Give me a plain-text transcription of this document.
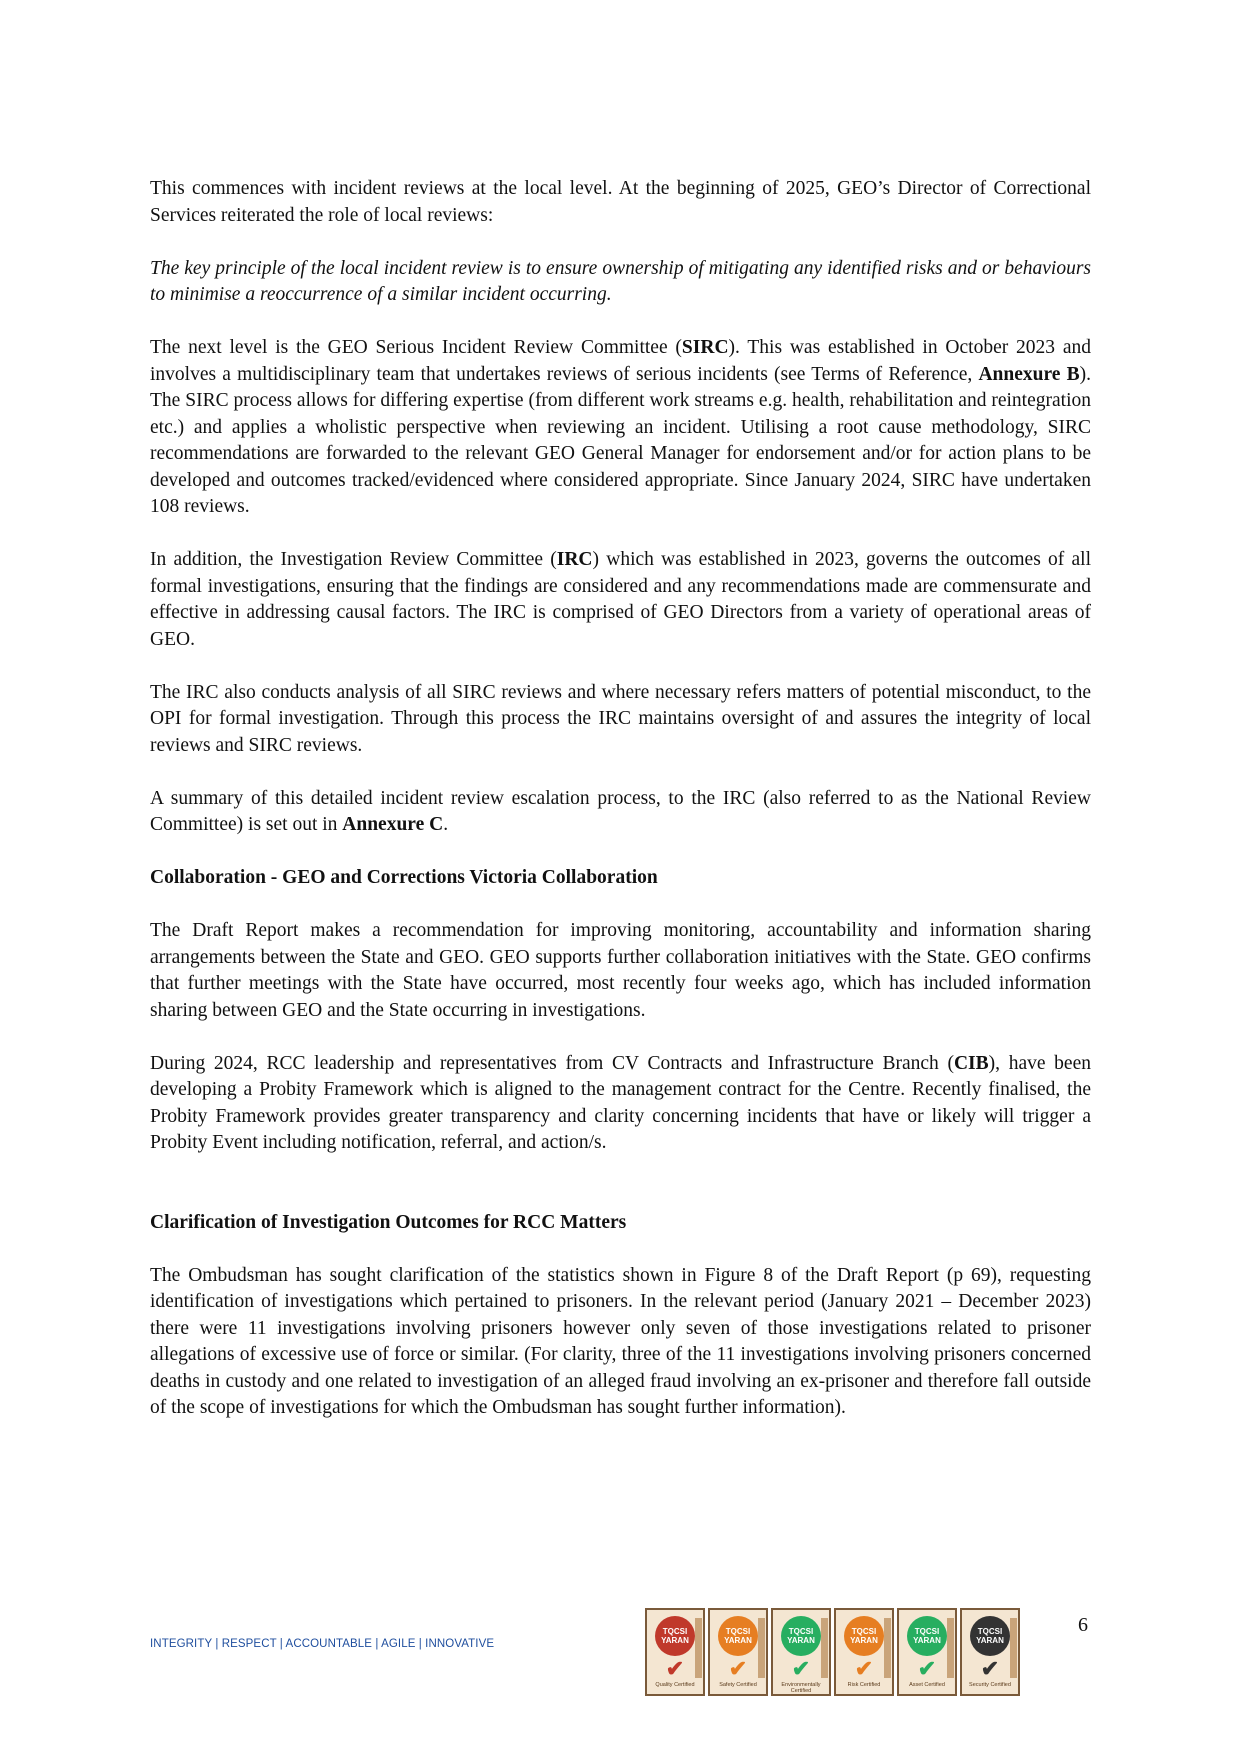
This commences with incident reviews at the local level. At the beginning of 2025, GEO’s Director of Correctional Services reiterated the role of local reviews:

The key principle of the local incident review is to ensure ownership of mitigating any identified risks and or behaviours to minimise a reoccurrence of a similar incident occurring.

The next level is the GEO Serious Incident Review Committee (SIRC). This was established in October 2023 and involves a multidisciplinary team that undertakes reviews of serious incidents (see Terms of Reference, Annexure B). The SIRC process allows for differing expertise (from different work streams e.g. health, rehabilitation and reintegration etc.) and applies a wholistic perspective when reviewing an incident. Utilising a root cause methodology, SIRC recommendations are forwarded to the relevant GEO General Manager for endorsement and/or for action plans to be developed and outcomes tracked/evidenced where considered appropriate. Since January 2024, SIRC have undertaken 108 reviews.

In addition, the Investigation Review Committee (IRC) which was established in 2023, governs the outcomes of all formal investigations, ensuring that the findings are considered and any recommendations made are commensurate and effective in addressing causal factors. The IRC is comprised of GEO Directors from a variety of operational areas of GEO.

The IRC also conducts analysis of all SIRC reviews and where necessary refers matters of potential misconduct, to the OPI for formal investigation. Through this process the IRC maintains oversight of and assures the integrity of local reviews and SIRC reviews.

A summary of this detailed incident review escalation process, to the IRC (also referred to as the National Review Committee) is set out in Annexure C.

Collaboration - GEO and Corrections Victoria Collaboration

The Draft Report makes a recommendation for improving monitoring, accountability and information sharing arrangements between the State and GEO. GEO supports further collaboration initiatives with the State. GEO confirms that further meetings with the State have occurred, most recently four weeks ago, which has included information sharing between GEO and the State occurring in investigations.

During 2024, RCC leadership and representatives from CV Contracts and Infrastructure Branch (CIB), have been developing a Probity Framework which is aligned to the management contract for the Centre. Recently finalised, the Probity Framework provides greater transparency and clarity concerning incidents that have or likely will trigger a Probity Event including notification, referral, and action/s.

Clarification of Investigation Outcomes for RCC Matters

The Ombudsman has sought clarification of the statistics shown in Figure 8 of the Draft Report (p 69), requesting identification of investigations which pertained to prisoners. In the relevant period (January 2021 – December 2023) there were 11 investigations involving prisoners however only seven of those investigations related to prisoner allegations of excessive use of force or similar. (For clarity, three of the 11 investigations involving prisoners concerned deaths in custody and one related to investigation of an alleged fraud involving an ex-prisoner and therefore fall outside of the scope of investigations for which the Ombudsman has sought further information).

INTEGRITY | RESPECT | ACCOUNTABLE | AGILE | INNOVATIVE
TQCSI YARAN
✔
Quality Certified
TQCSI YARAN
✔
Safety Certified
TQCSI YARAN
✔
Environmentally Certified
TQCSI YARAN
✔
Risk Certified
TQCSI YARAN
✔
Asset Certified
TQCSI YARAN
✔
Security Certified
6
